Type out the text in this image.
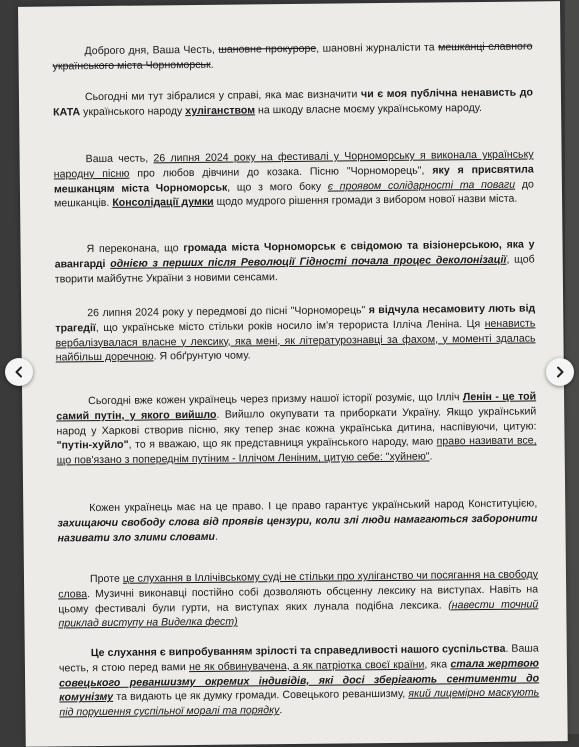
Доброго дня, Ваша Честь, шановне прокуроре, шановні журналісти та мешканці славного українського міста Чорноморськ.
Сьогодні ми тут зібралися у справі, яка має визначити чи є моя публічна ненависть до КАТА українського народу хуліганством на шкоду власне моєму українському народу.
Ваша честь, 26 липня 2024 року на фестивалі у Чорноморську я виконала українську народну пісню про любов дівчини до козака. Пісню "Чорноморець", яку я присвятила мешканцям міста Чорноморськ, що з мого боку є проявом солідарності та поваги до мешканців. Консолідації думки щодо мудрого рішення громади з вибором нової назви міста.
Я переконана, що громада міста Чорноморськ є свідомою та візіонерською, яка у авангарді однією з перших після Революції Гідності почала процес деколонізації, щоб творити майбутнє України з новими сенсами.
26 липня 2024 року у передмові до пісні "Чорноморець" я відчула несамовиту лють від трагедії, що українське місто стільки років носило ім'я терориста Ілліча Леніна. Ця ненависть вербалізувалася власне у лексику, яка мені, як літературознавці за фахом, у моменті здалась найбільш доречною. Я обґрунтую чому.
Сьогодні вже кожен українець через призму нашої історії розуміє, що Ілліч Ленін - це той самий путін, у якого вийшло. Вийшло окупувати та приборкати Україну. Якщо український народ у Харкові створив пісню, яку тепер знає кожна українська дитина, наспівуючи, цитую: "путін-хуйло", то я вважаю, що як представниця українського народу, маю право називати все, що пов'язано з попереднім путіним - Іллічом Леніним, цитую себе: "хуйнею".
Кожен українець має на це право. І це право гарантує український народ Конституцією, захищаючи свободу слова від проявів цензури, коли злі люди намагаються заборонити називати зло злими словами.
Проте це слухання в Іллічівському суді не стільки про хуліганство чи посягання на свободу слова. Музичні виконавці постійно собі дозволяють обсценну лексику на виступах. Навіть на цьому фестивалі були гурти, на виступах яких лунала подібна лексика. (навести точний приклад виступу на Виделка фест)
Це слухання є випробуванням зрілості та справедливості нашого суспільства. Ваша честь, я стою перед вами не як обвинувачена, а як патріотка своєї країни, яка стала жертвою совецького реваншизму окремих індивідів, які досі зберігають сентименти до комунізму та видають це як думку громади. Совецького реваншизму, який лицемірно маскують під порушення суспільної моралі та порядку.
